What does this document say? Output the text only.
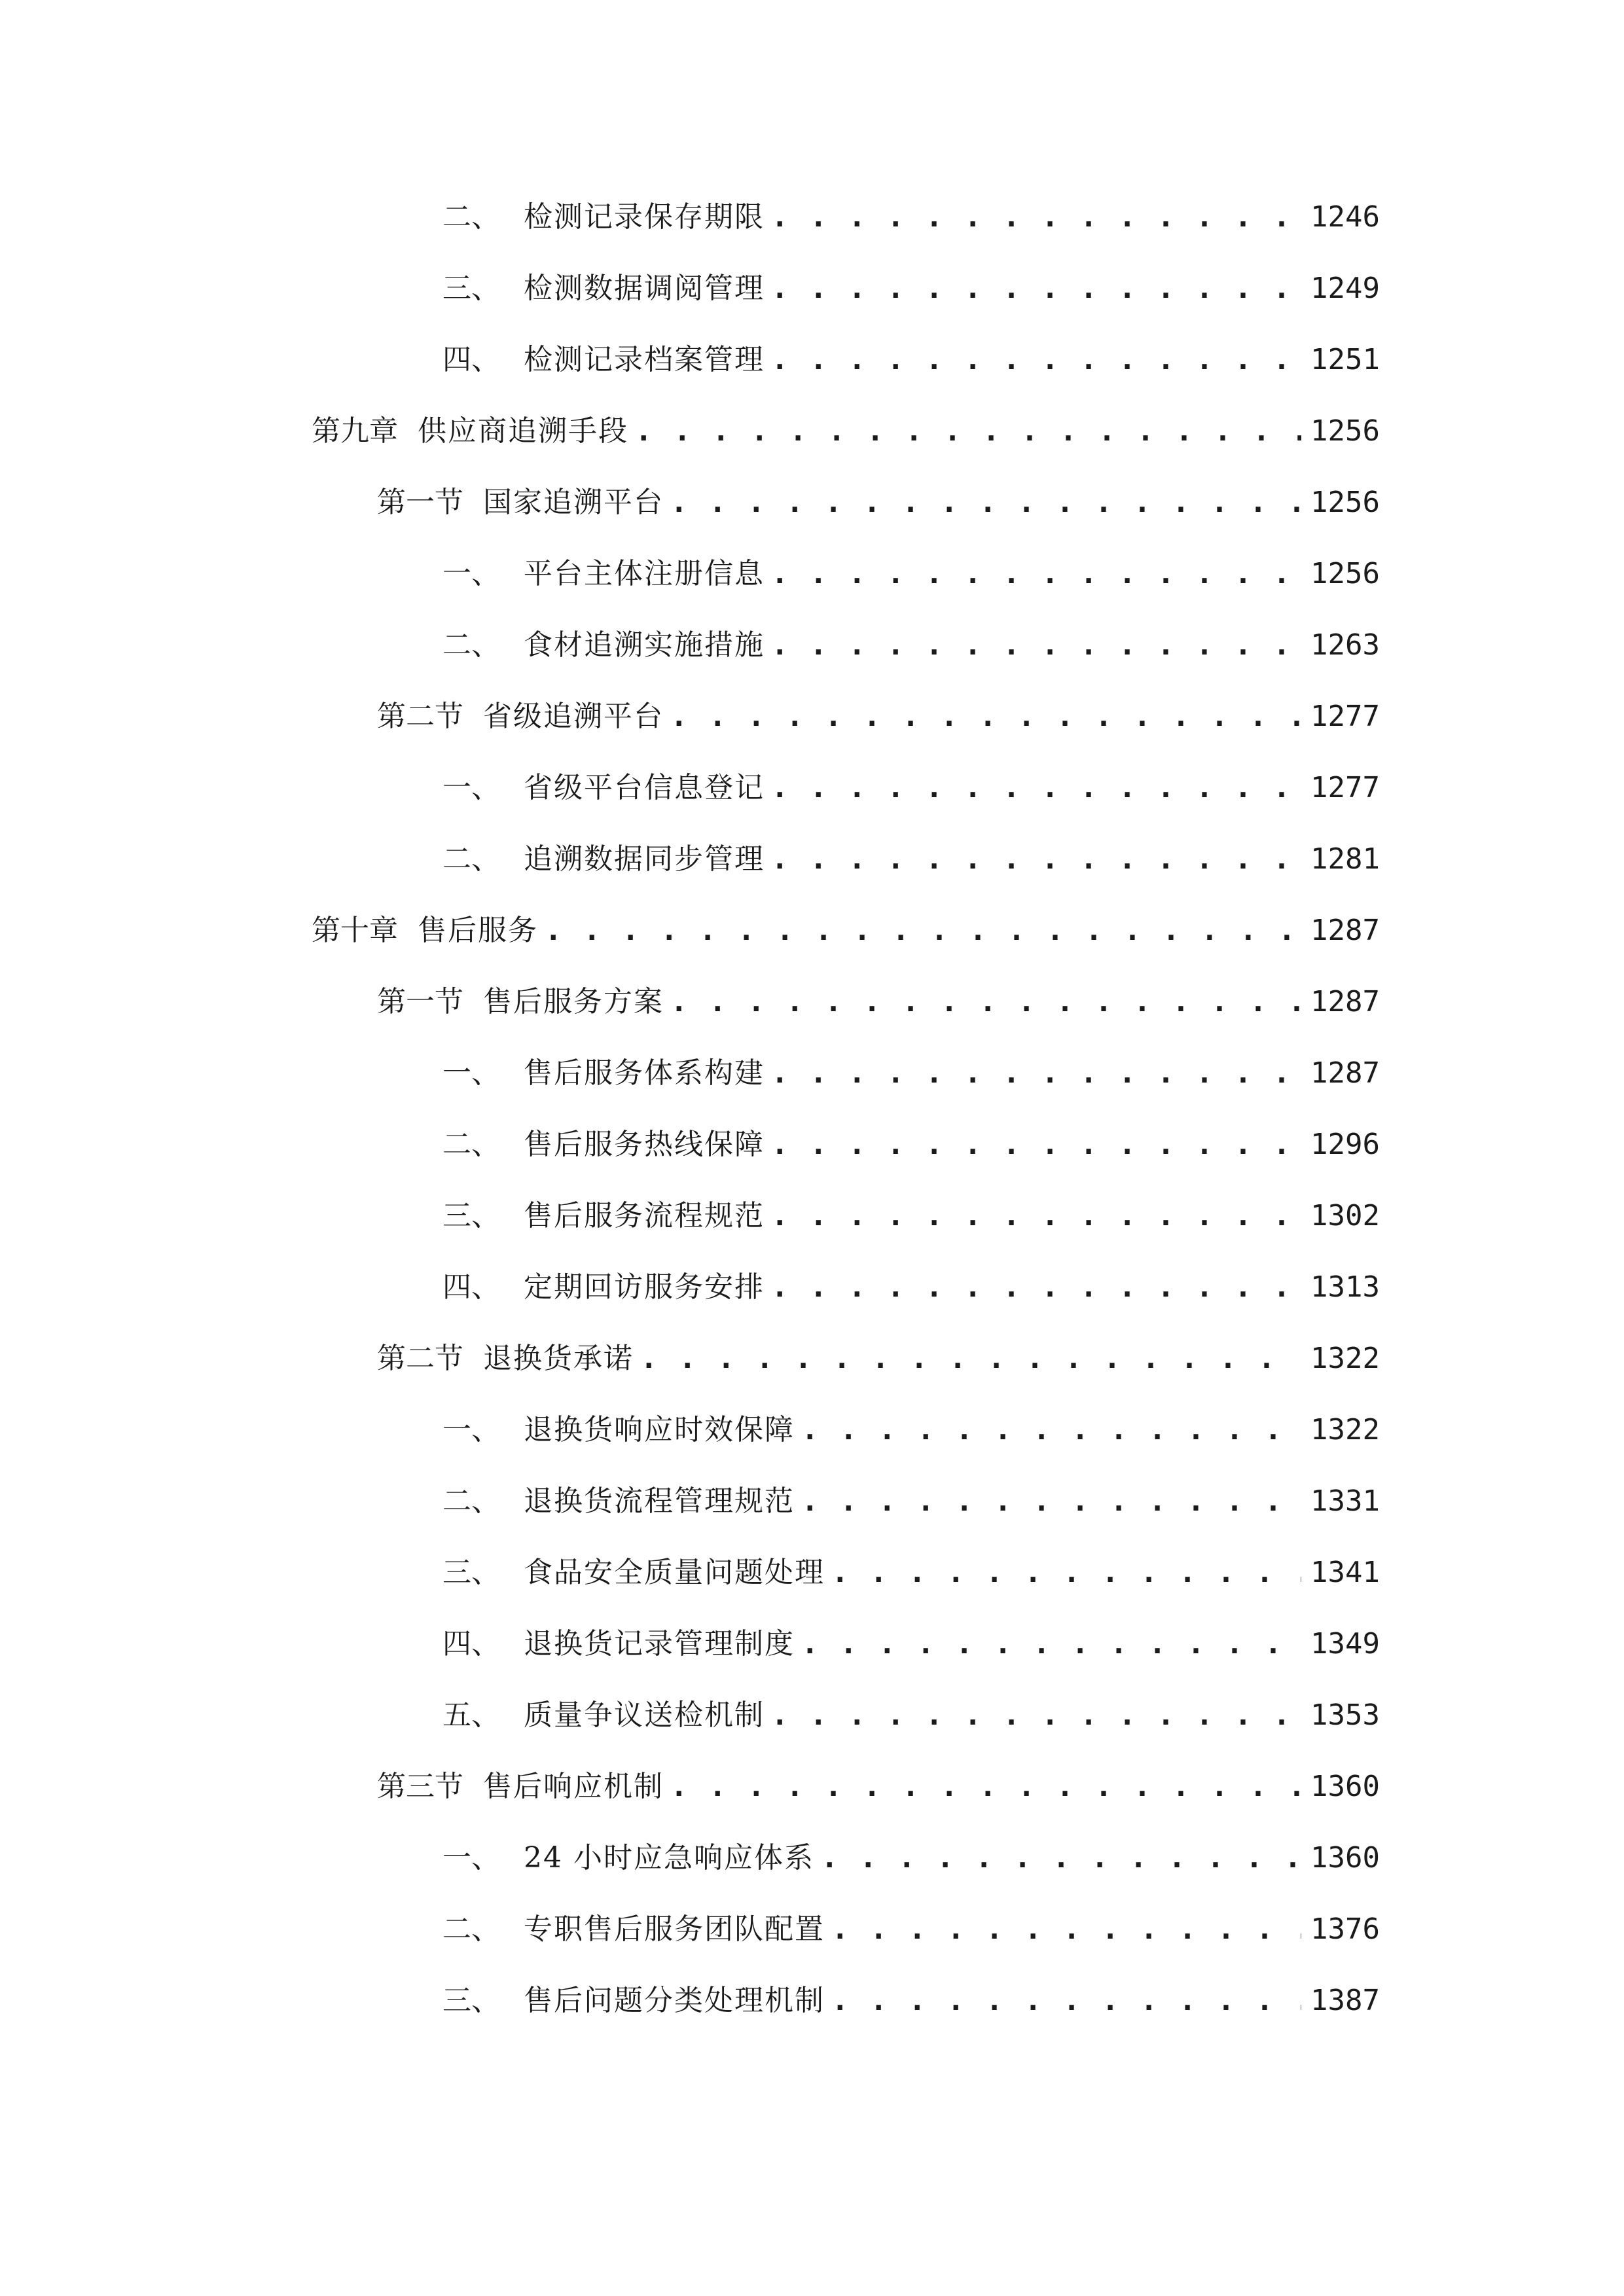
二、 检测记录保存期限 . . .	1246
三、 检测数据调阅管理 . . .	1249
四、 检测记录档案管理 . . .	1251
第九章 供应商追溯手段 . . .	1256
第一节 国家追溯平台 . . .	1256
一、 平台主体注册信息 . . .	1256
二、 食材追溯实施措施 . . .	1263
第二节 省级追溯平台 . . .	1277
一、 省级平台信息登记 . . .	1277
二、 追溯数据同步管理 . . .	1281
第十章 售后服务 . . .	1287
第一节 售后服务方案 . . .	1287
一、 售后服务体系构建 . . .	1287
二、 售后服务热线保障 . . .	1296
三、 售后服务流程规范 . . .	1302
四、 定期回访服务安排 . . .	1313
第二节 退换货承诺 . . .	1322
一、 退换货响应时效保障 . . .	1322
二、 退换货流程管理规范 . . .	1331
三、 食品安全质量问题处理 . . .	1341
四、 退换货记录管理制度 . . .	1349
五、 质量争议送检机制 . . .	1353
第三节 售后响应机制 . . .	1360
一、 24 小时应急响应体系 . . .	1360
二、 专职售后服务团队配置 . . .	1376
三、 售后问题分类处理机制 . . .	1387
